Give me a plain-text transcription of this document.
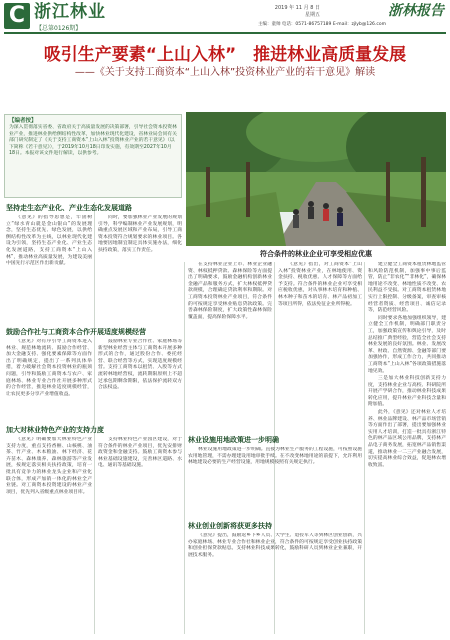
C 浙江林业
【总第0126期】
2019 年 11 月 8 日
星期五	浙林报告
主编：童帅 电话：0571-86757189 E-mail：zjlyb@126.com
吸引生产要素“上山入林”　推进林业高质量发展
——《关于支持工商资本“上山入林”投资林业产业的若干意见》解读
【编者按】
为深入贯彻落实省委、省政府关于高质量发展的决策部署，引导社会资本投资林业产业，推进林业供给侧结构性改革，加快林业现代化建设，省林业局会同有关部门研究制定了《关于支持工商资本“上山入林”投资林业产业的若干意见》（以下简称《若干意见》），于2019年10月18日印发实施，有效期至2027年10月18日。本报对该文件进行解读，以供参考。
符合条件的林业企业可享受相应优惠
坚持走生态产业化、产业生态化发展道路

《意见》的指导思想是，牢固树立“绿水青山就是金山银山”的发展理念，坚持生态优先、绿色发展，以供给侧结构性改革为主线，以林业现代化建设为引领，坚持生态产业化、产业生态化发展道路，支持工商资本“上山入林”，推动林业高质量发展，为建设美丽中国先行示范区作出新贡献。

同时，要加强林业产业发展的规划引导，科学编制林业产业发展规划，明确重点发展区域和产业布局，引导工商资本投资符合规划要求的林业项目。各地要因地制宜制定具体实施办法，细化扶持政策，落实工作责任。

鼓励合作社与工商资本合作开展适度规模经营

《意见》对有序引导工商资本进入林业、规范林地流转、鼓励合作经营、加大金融支持、强化要素保障等方面作出了明确规定，提出了一系列具体举措，着力破解社会资本投资林业的瓶颈问题，引导和鼓励工商资本与农户、家庭林场、林业专业合作社开展多种形式的合作经营，推进林业适度规模经营，让农民更多分享产业增值收益。

鼓励林业专业合作社、家庭林场等新型林业经营主体与工商资本开展多种形式的合作，通过股份合作、委托经营、联合经营等方式，实现适度规模经营。支持工商资本以租赁、入股等方式流转林地经营权，流转期限原则上不超过承包期剩余期限，依法保护流转双方合法权益。

加大对林业特色产业的支持力度

《意见》明确要加大林业特色产业支持力度，重点支持香榧、山核桃、油茶、竹产业、木本粮油、林下经济、花卉苗木、森林康养、森林旅游等产业发展，按规定落实相关扶持政策，培育一批具有竞争力的林业龙头企业和产业化联合体，形成产加销一体化的林业全产业链。对工商资本投资建设的林业产业项目，优先列入省级重点林业项目库。

支持林业特色产业园区建设，对于符合条件的林业产业项目，优先安排财政资金和金融支持。鼓励工商资本参与林业基础设施建设，完善林区道路、水电、通讯等基础设施。

在支持林业企业上市、林业企业融资、林权抵押贷款、森林保险等方面提出了明确要求，鼓励金融机构创新林业金融产品和服务方式，扩大林权抵押贷款规模，合理确定贷款利率和期限。对工商资本投资林业产业项目，符合条件的可按规定享受林业贴息贷款政策。完善森林保险制度，扩大政策性森林保险覆盖面，提高保险保障水平。

《意见》指出，对工商资本“上山入林”投资林业产业，在林地使用、资金扶持、税收优惠、人才保障等方面给予支持。符合条件的林业企业可享受相应税收优惠，对从事林木培育和种植、林木种子和苗木的培育、林产品初加工等项目所得，依法免征企业所得税。

建立健全工商资本租赁林地监管和风险防范机制，加强事中事后监管，防止“非农化”“非林化”，确保林地用途不改变、林地性质不改变、农民利益不受损。对工商资本租赁林地实行上限控制、分级备案，审查审核经营者资质、经营项目、诚信记录等，防范经营风险。

同时要求各地加强组织领导，建立健全工作机制，明确部门职责分工，加强政策宣传和舆论引导，及时总结推广典型经验，营造全社会支持林业发展的良好氛围。林业、发展改革、财政、自然资源、金融等部门要加强协作，形成工作合力，共同推动工商资本“上山入林”各项政策措施落地见效。

三是加大林业科技创新支持力度，支持林业企业与高校、科研院所开展产学研合作，推动林业科技成果转化应用，提升林业产业科技含量和附加值。

此外，《意见》还对林业人才培养、林业品牌建设、林产品市场营销等方面作出了部署，提出要加强林业实用人才培训，打造一批具有浙江特色的林产品区域公用品牌，支持林产品电子商务发展，拓宽林产品销售渠道，推动林业一二三产业融合发展，切实提高林业综合效益，促进林农增收致富。

林业设施用地政策进一步明确

林业设施用地政策进一步明确。直接为林业生产服务的工程设施，可按照设施农用地管理，不需办理建设用地审批手续。在不改变林地用途的前提下，允许利用林地建设必要的生产经营设施，用地规模按照有关规定执行。

林业创业创新将获更多扶持

《意见》提出，鼓励返乡下乡人员、大学生、退役军人等到林区创业创新，兴办家庭林场、林业专业合作社和林业企业，符合条件的可按规定享受创业扶持政策和创业担保贷款贴息。支持林业科技成果转化，鼓励科研人员到林业企业兼职，开展技术服务。
